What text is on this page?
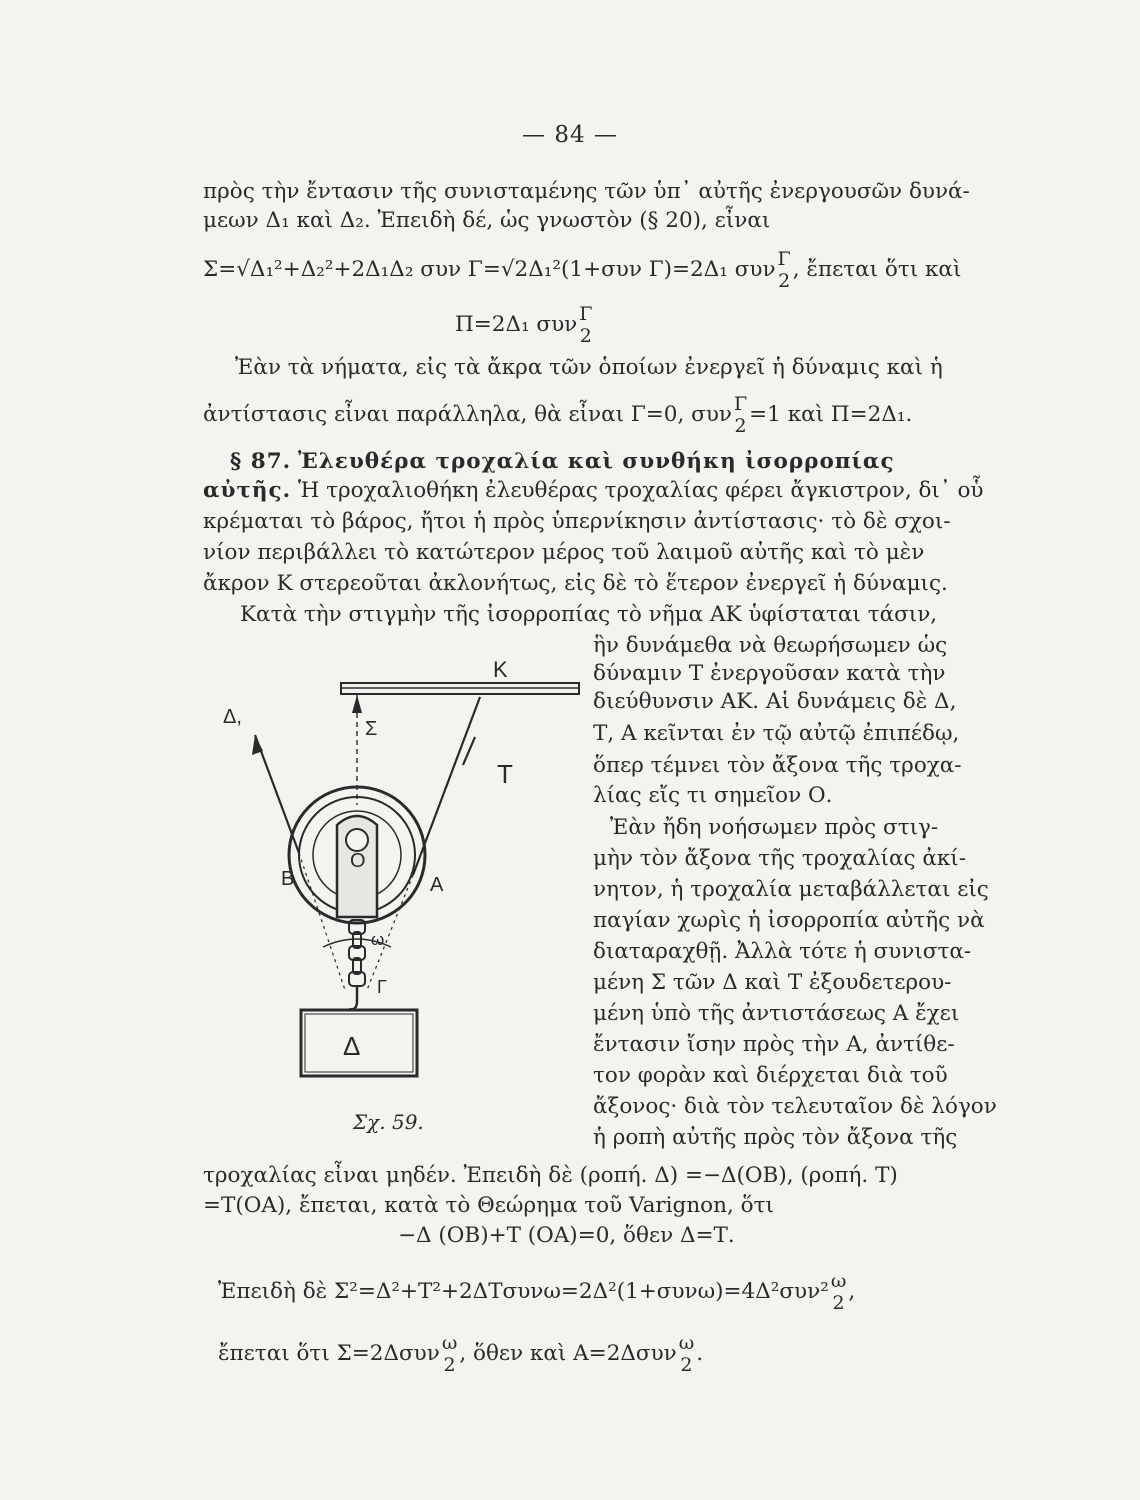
— 84 —
πρὸς τὴν ἔντασιν τῆς συνισταμένης τῶν ὑπ᾽ αὐτῆς ἐνεργουσῶν δυνά-
μεων Δ₁ καὶ Δ₂. Ἐπειδὴ δέ, ὡς γνωστὸν (§ 20), εἶναι
Σ=√Δ₁²+Δ₂²+2Δ₁Δ₂ συν Γ=√2Δ₁²(1+συν Γ)=2Δ₁ συν Γ
2 , ἔπεται ὅτι καὶ
Π=2Δ₁ συν Γ
2
Ἐὰν τὰ νήματα, εἰς τὰ ἄκρα τῶν ὁποίων ἐνεργεῖ ἡ δύναμις καὶ ἡ
ἀντίστασις εἶναι παράλληλα, θὰ εἶναι Γ=0, συν Γ
2 =1 καὶ Π=2Δ₁.
§ 87. Ἐλευθέρα τροχαλία καὶ συνθήκη ἰσορροπίας
αὐτῆς. Ἡ τροχαλιοθήκη ἐλευθέρας τροχαλίας φέρει ἄγκιστρον, δι᾽ οὗ
κρέμαται τὸ βάρος, ἤτοι ἡ πρὸς ὑπερνίκησιν ἀντίστασις· τὸ δὲ σχοι-
νίον περιβάλλει τὸ κατώτερον μέρος τοῦ λαιμοῦ αὐτῆς καὶ τὸ μὲν
ἄκρον Κ στερεοῦται ἀκλονήτως, εἰς δὲ τὸ ἕτερον ἐνεργεῖ ἡ δύναμις.
Κατὰ τὴν στιγμὴν τῆς ἰσορροπίας τὸ νῆμα ΑΚ ὑφίσταται τάσιν,
ἣν δυνάμεθα νὰ θεωρήσωμεν ὡς
δύναμιν Τ ἐνεργοῦσαν κατὰ τὴν
διεύθυνσιν ΑΚ. Αἱ δυνάμεις δὲ Δ,
Τ, Α κεῖνται ἐν τῷ αὐτῷ ἐπιπέδῳ,
ὅπερ τέμνει τὸν ἄξονα τῆς τροχα-
λίας εἴς τι σημεῖον Ο.
Ἐὰν ἤδη νοήσωμεν πρὸς στιγ-
μὴν τὸν ἄξονα τῆς τροχαλίας ἀκί-
νητον, ἡ τροχαλία μεταβάλλεται εἰς
παγίαν χωρὶς ἡ ἰσορροπία αὐτῆς νὰ
διαταραχθῇ. Ἀλλὰ τότε ἡ συνιστα-
μένη Σ τῶν Δ καὶ Τ ἐξουδετερου-
μένη ὑπὸ τῆς ἀντιστάσεως Α ἔχει
ἔντασιν ἴσην πρὸς τὴν Α, ἀντίθε-
τον φορὰν καὶ διέρχεται διὰ τοῦ
ἄξονος· διὰ τὸν τελευταῖον δὲ λόγον
ἡ ροπὴ αὐτῆς πρὸς τὸν ἄξονα τῆς
Κ
Τ
Δ,
Σ
Ο
Β	Α
ω
Γ
Δ
Σχ. 59.
τροχαλίας εἶναι μηδέν. Ἐπειδὴ δὲ (ροπή. Δ) =−Δ(ΟΒ), (ροπή. Τ)
=Τ(ΟΑ), ἔπεται, κατὰ τὸ Θεώρημα τοῦ Varignon, ὅτι
−Δ (ΟΒ)+Τ (ΟΑ)=0, ὅθεν Δ=Τ.
Ἐπειδὴ δὲ Σ²=Δ²+Τ²+2ΔΤσυνω=2Δ²(1+συνω)=4Δ²συν² ω
2 ,
ἔπεται ὅτι Σ=2Δσυν ω
2 , ὅθεν καὶ Α=2Δσυν ω
2 .
